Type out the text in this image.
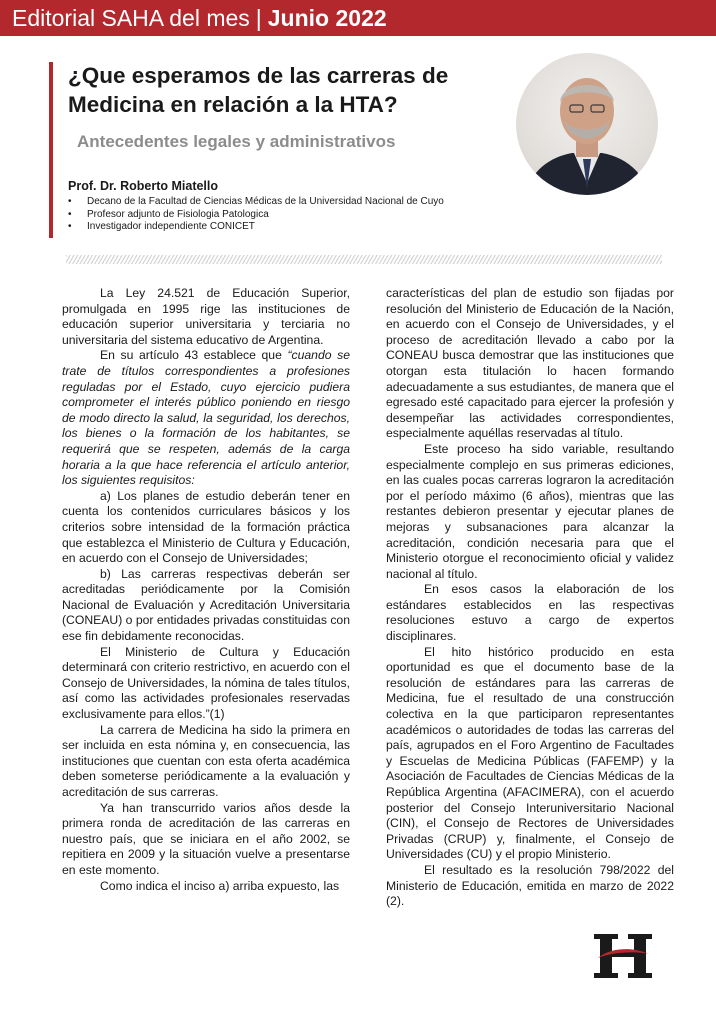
Editorial SAHA del mes | Junio 2022
¿Que esperamos de las carreras de Medicina en relación a la HTA?
Antecedentes legales y administrativos
Prof. Dr. Roberto Miatello
• Decano de la Facultad de Ciencias Médicas de la Universidad Nacional de Cuyo
• Profesor adjunto de Fisiologia Patologica
• Investigador independiente CONICET

La Ley 24.521 de Educación Superior, promulgada en 1995 rige las instituciones de educación superior universitaria y terciaria no universitaria del sistema educativo de Argentina.

En su artículo 43 establece que “cuando se trate de títulos correspondientes a profesiones reguladas por el Estado, cuyo ejercicio pudiera comprometer el interés público poniendo en riesgo de modo directo la salud, la seguridad, los derechos, los bienes o la formación de los habitantes, se requerirá que se respeten, además de la carga horaria a la que hace referencia el artículo anterior, los siguientes requisitos:

a) Los planes de estudio deberán tener en cuenta los contenidos curriculares básicos y los criterios sobre intensidad de la formación práctica que establezca el Ministerio de Cultura y Educación, en acuerdo con el Consejo de Universidades;

b) Las carreras respectivas deberán ser acreditadas periódicamente por la Comisión Nacional de Evaluación y Acreditación Universitaria (CONEAU) o por entidades privadas constituidas con ese fin debidamente reconocidas.

El Ministerio de Cultura y Educación determinará con criterio restrictivo, en acuerdo con el Consejo de Universidades, la nómina de tales títulos, así como las actividades profesionales reservadas exclusivamente para ellos.”(1)

La carrera de Medicina ha sido la primera en ser incluida en esta nómina y, en consecuencia, las instituciones que cuentan con esta oferta académica deben someterse periódicamente a la evaluación y acreditación de sus carreras.

Ya han transcurrido varios años desde la primera ronda de acreditación de las carreras en nuestro país, que se iniciara en el año 2002, se repitiera en 2009 y la situación vuelve a presentarse en este momento.

Como indica el inciso a) arriba expuesto, las

características del plan de estudio son fijadas por resolución del Ministerio de Educación de la Nación, en acuerdo con el Consejo de Universidades, y el proceso de acreditación llevado a cabo por la CONEAU busca demostrar que las instituciones que otorgan esta titulación lo hacen formando adecuadamente a sus estudiantes, de manera que el egresado esté capacitado para ejercer la profesión y desempeñar las actividades correspondientes, especialmente aquéllas reservadas al título.

Este proceso ha sido variable, resultando especialmente complejo en sus primeras ediciones, en las cuales pocas carreras lograron la acreditación por el período máximo (6 años), mientras que las restantes debieron presentar y ejecutar planes de mejoras y subsanaciones para alcanzar la acreditación, condición necesaria para que el Ministerio otorgue el reconocimiento oficial y validez nacional al título.

En esos casos la elaboración de los estándares establecidos en las respectivas resoluciones estuvo a cargo de expertos disciplinares.

El hito histórico producido en esta oportunidad es que el documento base de la resolución de estándares para las carreras de Medicina, fue el resultado de una construcción colectiva en la que participaron representantes académicos o autoridades de todas las carreras del país, agrupados en el Foro Argentino de Facultades y Escuelas de Medicina Públicas (FAFEMP) y la Asociación de Facultades de Ciencias Médicas de la República Argentina (AFACIMERA), con el acuerdo posterior del Consejo Interuniversitario Nacional (CIN), el Consejo de Rectores de Universidades Privadas (CRUP) y, finalmente, el Consejo de Universidades (CU) y el propio Ministerio.

El resultado es la resolución 798/2022 del Ministerio de Educación, emitida en marzo de 2022 (2).
